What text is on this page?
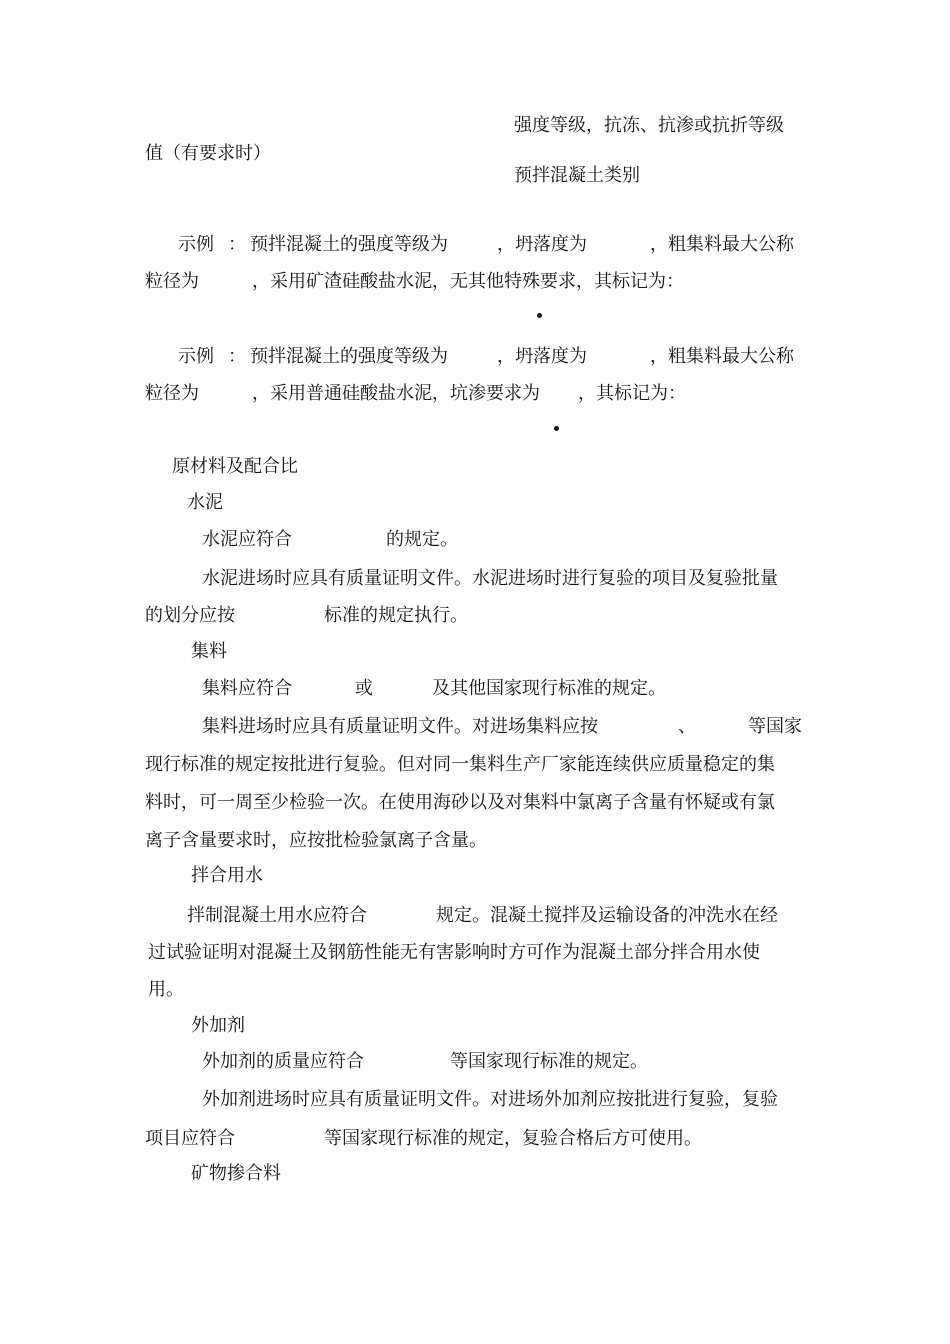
强度等级，抗冻、抗渗或抗折等级
值（有要求时）
预拌混凝土类别
示例 ： 预拌混凝土的强度等级为	，坍落度为	，粗集料最大公称
粒径为	，采用矿渣硅酸盐水泥，无其他特殊要求，其标记为：
示例 ： 预拌混凝土的强度等级为	，坍落度为	，粗集料最大公称
粒径为	，采用普通硅酸盐水泥，坑渗要求为 ，其标记为：
原材料及配合比
水泥
水泥应符合	的规定。
水泥进场时应具有质量证明文件。水泥进场时进行复验的项目及复验批量
的划分应按	标准的规定执行。
集料
集料应符合	或	及其他国家现行标准的规定。
集料进场时应具有质量证明文件。对进场集料应按	、	等国家
现行标准的规定按批进行复验。但对同一集料生产厂家能连续供应质量稳定的集
料时，可一周至少检验一次。在使用海砂以及对集料中氯离子含量有怀疑或有氯
离子含量要求时，应按批检验氯离子含量。
拌合用水
拌制混凝土用水应符合	规定。混凝土搅拌及运输设备的冲洗水在经
过试验证明对混凝土及钢筋性能无有害影响时方可作为混凝土部分拌合用水使
用。
外加剂
外加剂的质量应符合	等国家现行标准的规定。
外加剂进场时应具有质量证明文件。对进场外加剂应按批进行复验，复验
项目应符合	等国家现行标准的规定，复验合格后方可使用。
矿物掺合料
